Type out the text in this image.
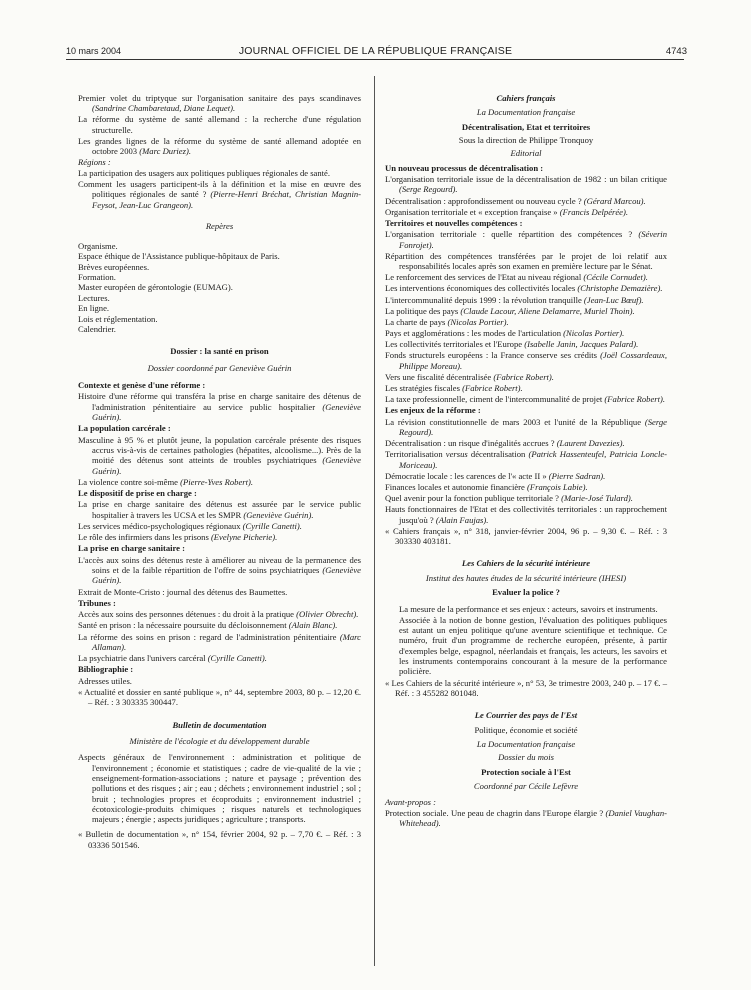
10 mars 2004	JOURNAL OFFICIEL DE LA RÉPUBLIQUE FRANÇAISE	4743

Premier volet du triptyque sur l'organisation sanitaire des pays scandinaves (Sandrine Chambaretaud, Diane Lequet).

La réforme du système de santé allemand : la recherche d'une régulation structurelle.

Les grandes lignes de la réforme du système de santé allemand adoptée en octobre 2003 (Marc Duriez).

Régions :

La participation des usagers aux politiques publiques régionales de santé.

Comment les usagers participent-ils à la définition et la mise en œuvre des politiques régionales de santé ? (Pierre-Henri Bréchat, Christian Magnin-Feysot, Jean-Luc Grangeon).

Repères

Organisme.

Espace éthique de l'Assistance publique-hôpitaux de Paris.

Brèves européennes.

Formation.

Master européen de gérontologie (EUMAG).

Lectures.

En ligne.

Lois et réglementation.

Calendrier.

Dossier : la santé en prison

Dossier coordonné par Geneviève Guérin

Contexte et genèse d'une réforme :

Histoire d'une réforme qui transféra la prise en charge sanitaire des détenus de l'administration pénitentiaire au service public hospitalier (Geneviève Guérin).

La population carcérale :

Masculine à 95 % et plutôt jeune, la population carcérale présente des risques accrus vis-à-vis de certaines pathologies (hépatites, alcoolisme...). Près de la moitié des détenus sont atteints de troubles psychiatriques (Geneviève Guérin).

La violence contre soi-même (Pierre-Yves Robert).

Le dispositif de prise en charge :

La prise en charge sanitaire des détenus est assurée par le service public hospitalier à travers les UCSA et les SMPR (Geneviève Guérin).

Les services médico-psychologiques régionaux (Cyrille Canetti).

Le rôle des infirmiers dans les prisons (Evelyne Picherie).

La prise en charge sanitaire :

L'accès aux soins des détenus reste à améliorer au niveau de la permanence des soins et de la faible répartition de l'offre de soins psychiatriques (Geneviève Guérin).

Extrait de Monte-Cristo : journal des détenus des Baumettes.

Tribunes :

Accès aux soins des personnes détenues : du droit à la pratique (Olivier Obrecht).

Santé en prison : la nécessaire poursuite du décloisonnement (Alain Blanc).

La réforme des soins en prison : regard de l'administration pénitentiaire (Marc Allaman).

La psychiatrie dans l'univers carcéral (Cyrille Canetti).

Bibliographie :

Adresses utiles.

« Actualité et dossier en santé publique », n° 44, septembre 2003, 80 p. – 12,20 €. – Réf. : 3 303335 300447.

Bulletin de documentation

Ministère de l'écologie et du développement durable

Aspects généraux de l'environnement : administration et politique de l'environnement ; économie et statistiques ; cadre de vie-qualité de la vie ; enseignement-formation-associations ; nature et paysage ; prévention des pollutions et des risques ; air ; eau ; déchets ; environnement industriel ; sol ; bruit ; technologies propres et écoproduits ; environnement industriel ; écotoxicologie-produits chimiques ; risques naturels et technologiques majeurs ; énergie ; aspects juridiques ; agriculture ; transports.

« Bulletin de documentation », n° 154, février 2004, 92 p. – 7,70 €. – Réf. : 3 03336 501546.

Cahiers français

La Documentation française

Décentralisation, Etat et territoires

Sous la direction de Philippe Tronquoy

Editorial

Un nouveau processus de décentralisation :

L'organisation territoriale issue de la décentralisation de 1982 : un bilan critique (Serge Regourd).

Décentralisation : approfondissement ou nouveau cycle ? (Gérard Marcou).

Organisation territoriale et « exception française » (Francis Delpérée).

Territoires et nouvelles compétences :

L'organisation territoriale : quelle répartition des compétences ? (Séverin Fonrojet).

Répartition des compétences transférées par le projet de loi relatif aux responsabilités locales après son examen en première lecture par le Sénat.

Le renforcement des services de l'Etat au niveau régional (Cécile Cornudet).

Les interventions économiques des collectivités locales (Christophe Demazière).

L'intercommunalité depuis 1999 : la révolution tranquille (Jean-Luc Bœuf).

La politique des pays (Claude Lacour, Aliene Delamarre, Muriel Thoin).

La charte de pays (Nicolas Portier).

Pays et agglomérations : les modes de l'articulation (Nicolas Portier).

Les collectivités territoriales et l'Europe (Isabelle Janin, Jacques Palard).

Fonds structurels européens : la France conserve ses crédits (Joël Cossardeaux, Philippe Moreau).

Vers une fiscalité décentralisée (Fabrice Robert).

Les stratégies fiscales (Fabrice Robert).

La taxe professionnelle, ciment de l'intercommunalité de projet (Fabrice Robert).

Les enjeux de la réforme :

La révision constitutionnelle de mars 2003 et l'unité de la République (Serge Regourd).

Décentralisation : un risque d'inégalités accrues ? (Laurent Davezies).

Territorialisation versus décentralisation (Patrick Hassenteufel, Patricia Loncle-Moriceau).

Démocratie locale : les carences de l'« acte II » (Pierre Sadran).

Finances locales et autonomie financière (François Labie).

Quel avenir pour la fonction publique territoriale ? (Marie-José Tulard).

Hauts fonctionnaires de l'Etat et des collectivités territoriales : un rapprochement jusqu'où ? (Alain Faujas).

« Cahiers français », n° 318, janvier-février 2004, 96 p. – 9,30 €. – Réf. : 3 303330 403181.

Les Cahiers de la sécurité intérieure

Institut des hautes études de la sécurité intérieure (IHESI)

Evaluer la police ?

La mesure de la performance et ses enjeux : acteurs, savoirs et instruments.

Associée à la notion de bonne gestion, l'évaluation des politiques publiques est autant un enjeu politique qu'une aventure scientifique et technique. Ce numéro, fruit d'un programme de recherche européen, présente, à partir d'exemples belge, espagnol, néerlandais et français, les acteurs, les savoirs et les instruments contemporains concourant à la mesure de la performance policière.

« Les Cahiers de la sécurité intérieure », n° 53, 3e trimestre 2003, 240 p. – 17 €. – Réf. : 3 455282 801048.

Le Courrier des pays de l'Est

Politique, économie et société

La Documentation française

Dossier du mois

Protection sociale à l'Est

Coordonné par Cécile Lefèvre

Avant-propos :

Protection sociale. Une peau de chagrin dans l'Europe élargie ? (Daniel Vaughan-Whitehead).
